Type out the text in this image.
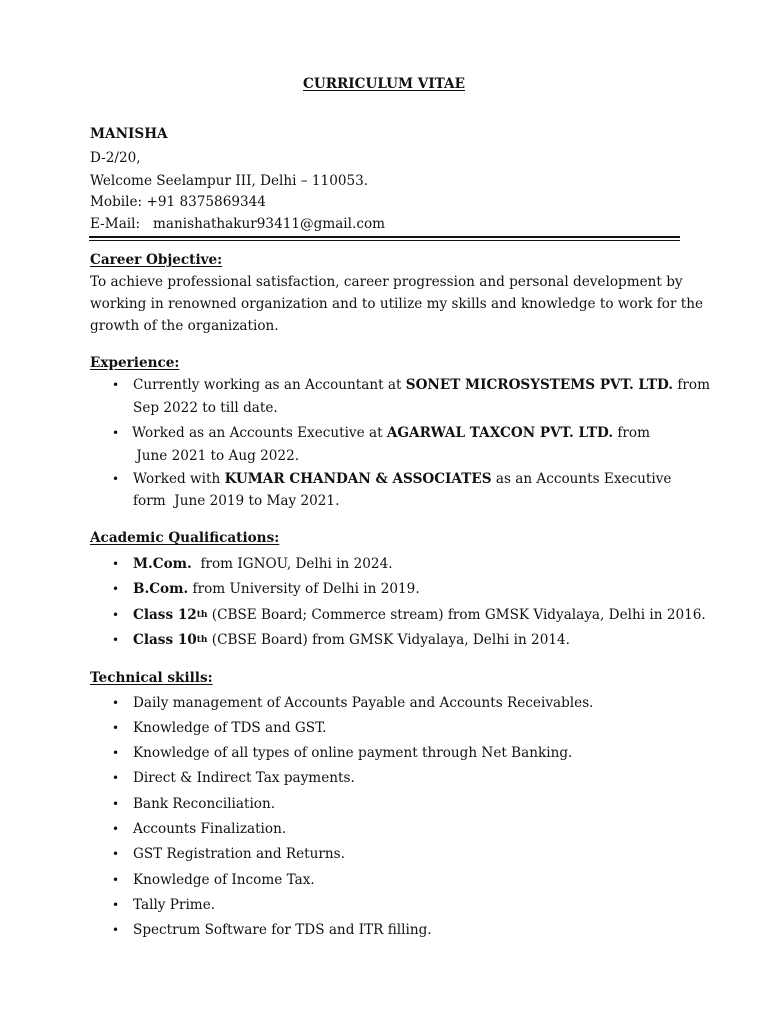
CURRICULUM VITAE
MANISHA
D-2/20,
Welcome Seelampur III, Delhi – 110053.
Mobile: +91 8375869344
E-Mail:   manishathakur93411@gmail.com
Career Objective:
To achieve professional satisfaction, career progression and personal development by
working in renowned organization and to utilize my skills and knowledge to work for the
growth of the organization.
Experience:
• Currently working as an Accountant at SONET MICROSYSTEMS PVT. LTD. from
Sep 2022 to till date.
• Worked as an Accounts Executive at AGARWAL TAXCON PVT. LTD. from
June 2021 to Aug 2022.
• Worked with KUMAR CHANDAN & ASSOCIATES as an Accounts Executive
form  June 2019 to May 2021.
Academic Qualifications:
• M.Com.  from IGNOU, Delhi in 2024.
• B.Com. from University of Delhi in 2019.
• Class 12th (CBSE Board; Commerce stream) from GMSK Vidyalaya, Delhi in 2016.
• Class 10th (CBSE Board) from GMSK Vidyalaya, Delhi in 2014.
Technical skills:
• Daily management of Accounts Payable and Accounts Receivables.
• Knowledge of TDS and GST.
• Knowledge of all types of online payment through Net Banking.
• Direct & Indirect Tax payments.
• Bank Reconciliation.
• Accounts Finalization.
• GST Registration and Returns.
• Knowledge of Income Tax.
• Tally Prime.
• Spectrum Software for TDS and ITR filling.
